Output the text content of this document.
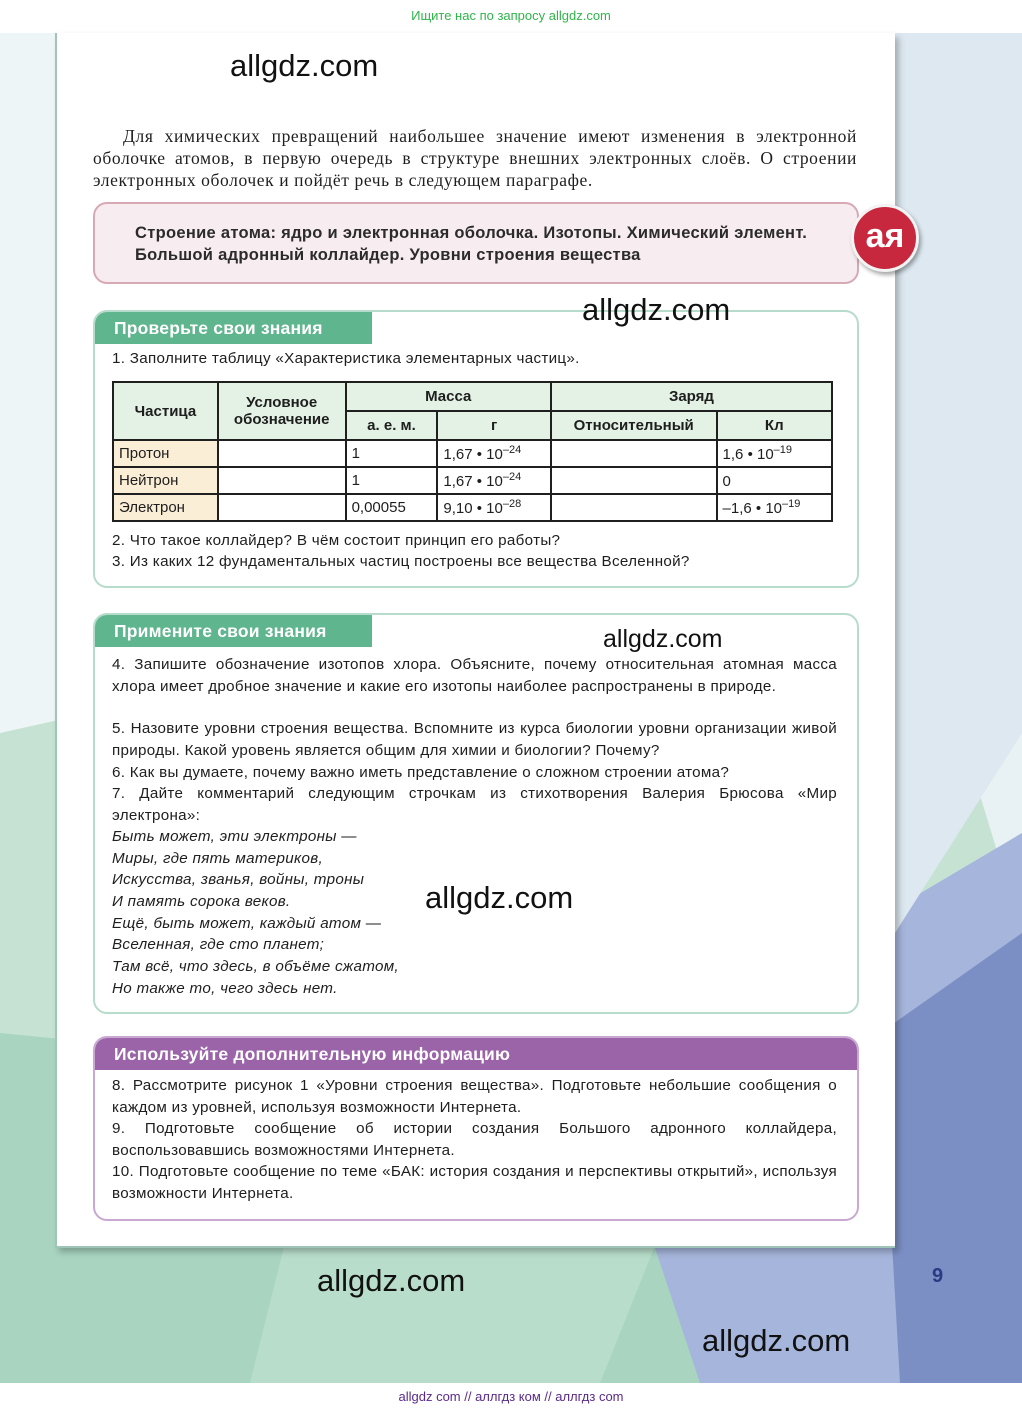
Ищите нас по запросу allgdz.com
allgdz.com
Для химических превращений наибольшее значение имеют изменения в электронной оболочке атомов, в первую очередь в структуре внешних электронных слоёв. О строении электронных оболочек и пойдёт речь в следующем параграфе.
Строение атома: ядро и электронная оболочка. Изотопы. Химический элемент. Большой адронный коллайдер. Уровни строения вещества	ая
Проверьте свои знания
allgdz.com
1. Заполните таблицу «Характеристика элементарных частиц».
Частица	Условное обозначение	Масса		Заряд	
		а. е. м.	г	Относительный	Кл
Протон		1	1,67 • $10^{-24}$		1,6 • $10^{-19}$
Нейтрон		1	1,67 • $10^{-24}$		0
Электрон		0,00055	9,10 • $10^{-28}$		–1,6 • $10^{-19}$
2. Что такое коллайдер? В чём состоит принцип его работы?
3. Из каких 12 фундаментальных частиц построены все вещества Вселенной?
Примените свои знания	allgdz.com
4. Запишите обозначение изотопов хлора. Объясните, почему относительная атомная масса хлора имеет дробное значение и какие его изотопы наиболее распространены в природе.
5. Назовите уровни строения вещества. Вспомните из курса биологии уровни организации живой природы. Какой уровень является общим для химии и биологии? Почему?
6. Как вы думаете, почему важно иметь представление о сложном строении атома?
7. Дайте комментарий следующим строчкам из стихотворения Валерия Брюсова «Мир электрона»:
Быть может, эти электроны —
Миры, где пять материков,
Искусства, званья, войны, троны
И память сорока веков.
Ещё, быть может, каждый атом —
Вселенная, где сто планет;
Там всё, что здесь, в объёме сжатом,
Но также то, чего здесь нет.
allgdz.com
Используйте дополнительную информацию
8. Рассмотрите рисунок 1 «Уровни строения вещества». Подготовьте небольшие сообщения о каждом из уровней, используя возможности Интернета.
9. Подготовьте сообщение об истории создания Большого адронного коллайдера, воспользовавшись возможностями Интернета.
10. Подготовьте сообщение по теме «БАК: история создания и перспективы открытий», используя возможности Интернета.
allgdz.com
allgdz.com
9
allgdz com // аллгдз ком // аллгдз com
